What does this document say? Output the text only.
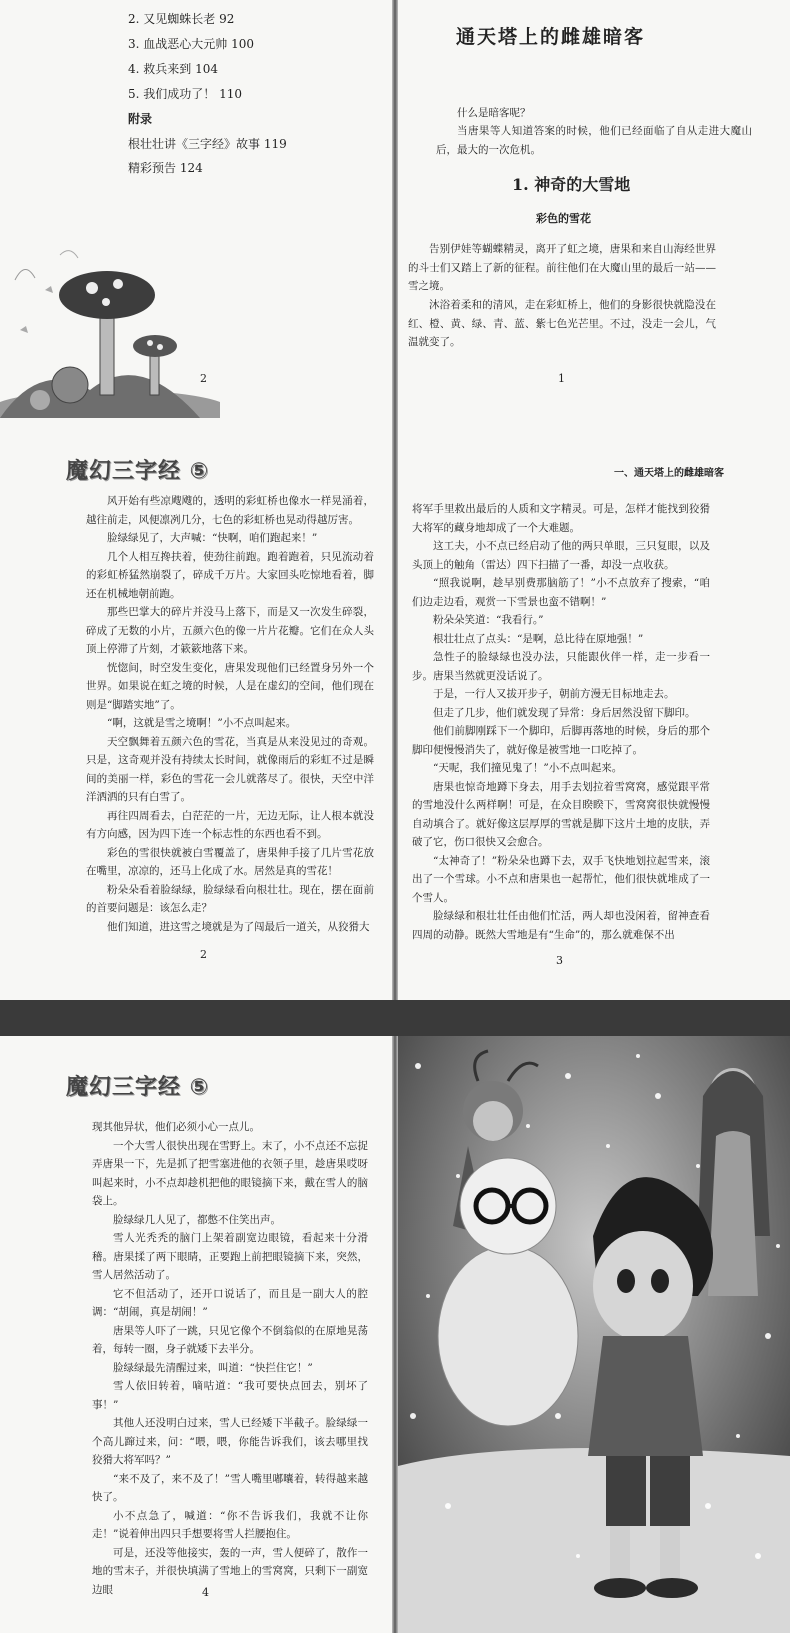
2. 又见蜘蛛长老 92
3. 血战恶心大元帅 100
4. 救兵来到 104
5. 我们成功了！ 110
附录
根壮壮讲《三字经》故事 119
精彩预告 124
2
通天塔上的雌雄暗客

什么是暗客呢？

当唐果等人知道答案的时候，他们已经面临了自从走进大魔山后，最大的一次危机。

1. 神奇的大雪地
彩色的雪花

告别伊娃等蝴蝶精灵，离开了虹之境，唐果和来自山海经世界的斗士们又踏上了新的征程。前往他们在大魔山里的最后一站——雪之境。

沐浴着柔和的清风，走在彩虹桥上，他们的身影很快就隐没在红、橙、黄、绿、青、蓝、紫七色光芒里。不过，没走一会儿，气温就变了。

1
魔幻三字经 ⑤

风开始有些凉飕飕的，透明的彩虹桥也像水一样晃涌着，越往前走，风便凛冽几分，七色的彩虹桥也晃动得越厉害。

脸绿绿见了，大声喊：“快啊，咱们跑起来！”

几个人相互搀扶着，使劲往前跑。跑着跑着，只见流动着的彩虹桥猛然崩裂了，碎成千万片。大家回头吃惊地看着，脚还在机械地朝前跑。

那些巴掌大的碎片并没马上落下，而是又一次发生碎裂，碎成了无数的小片，五颜六色的像一片片花瓣。它们在众人头顶上停滞了片刻，才簌簌地落下来。

恍惚间，时空发生变化，唐果发现他们已经置身另外一个世界。如果说在虹之境的时候，人是在虚幻的空间，他们现在则是“脚踏实地”了。

“啊，这就是雪之境啊！”小不点叫起来。

天空飘舞着五颜六色的雪花，当真是从来没见过的奇观。只是，这奇观并没有持续太长时间，就像雨后的彩虹不过是瞬间的美丽一样，彩色的雪花一会儿就落尽了。很快，天空中洋洋洒洒的只有白雪了。

再往四周看去，白茫茫的一片，无边无际，让人根本就没有方向感，因为四下连一个标志性的东西也看不到。

彩色的雪很快就被白雪覆盖了，唐果伸手接了几片雪花放在嘴里，凉凉的，还马上化成了水。居然是真的雪花！

粉朵朵看着脸绿绿，脸绿绿看向根壮壮。现在，摆在面前的首要问题是：该怎么走？

他们知道，进这雪之境就是为了闯最后一道关，从狡猾大

2
一、通天塔上的雌雄暗客

将军手里救出最后的人质和文字精灵。可是，怎样才能找到狡猾大将军的藏身地却成了一个大难题。

这工夫，小不点已经启动了他的两只单眼，三只复眼，以及头顶上的触角（雷达）四下扫描了一番，却没一点收获。

“照我说啊，趁早别费那脑筋了！”小不点放弃了搜索，“咱们边走边看，观赏一下雪景也蛮不错啊！”

粉朵朵笑道：“我看行。”

根壮壮点了点头：“是啊，总比待在原地强！”

急性子的脸绿绿也没办法，只能跟伙伴一样，走一步看一步。唐果当然就更没话说了。

于是，一行人又拔开步子，朝前方漫无目标地走去。

但走了几步，他们就发现了异常：身后居然没留下脚印。

他们前脚刚踩下一个脚印，后脚再落地的时候，身后的那个脚印便慢慢消失了，就好像是被雪地一口吃掉了。

“天呢，我们撞见鬼了！”小不点叫起来。

唐果也惊奇地蹲下身去，用手去划拉着雪窝窝，感觉跟平常的雪地没什么两样啊！可是，在众目睽睽下，雪窝窝很快就慢慢自动填合了。就好像这层厚厚的雪就是脚下这片土地的皮肤，弄破了它，伤口很快又会愈合。

“太神奇了！”粉朵朵也蹲下去，双手飞快地划拉起雪来，滚出了一个雪球。小不点和唐果也一起帮忙，他们很快就堆成了一个雪人。

脸绿绿和根壮壮任由他们忙活，两人却也没闲着，留神查看四周的动静。既然大雪地是有“生命”的，那么就难保不出

3
魔幻三字经 ⑤

现其他异状，他们必须小心一点儿。

一个大雪人很快出现在雪野上。末了，小不点还不忘捉弄唐果一下，先是抓了把雪塞进他的衣领子里，趁唐果哎呀叫起来时，小不点却趁机把他的眼镜摘下来，戴在雪人的脑袋上。

脸绿绿几人见了，都憋不住笑出声。

雪人光秃秃的脑门上架着副宽边眼镜，看起来十分滑稽。唐果揉了两下眼睛，正要跑上前把眼镜摘下来，突然，雪人居然活动了。

它不但活动了，还开口说话了，而且是一副大人的腔调：“胡闹，真是胡闹！”

唐果等人吓了一跳，只见它像个不倒翁似的在原地晃荡着，每转一圈，身子就矮下去半分。

脸绿绿最先清醒过来，叫道：“快拦住它！”

雪人依旧转着，嘀咕道：“我可要快点回去，别坏了事！”

其他人还没明白过来，雪人已经矮下半截子。脸绿绿一个高儿蹿过来，问：“喂，喂，你能告诉我们，该去哪里找狡猾大将军吗？”

“来不及了，来不及了！”雪人嘴里嘟囔着，转得越来越快了。

小不点急了，喊道：“你不告诉我们，我就不让你走！”说着伸出四只手想要将雪人拦腰抱住。

可是，还没等他接实，轰的一声，雪人便碎了，散作一地的雪末子，并很快填满了雪地上的雪窝窝，只剩下一副宽边眼	4
